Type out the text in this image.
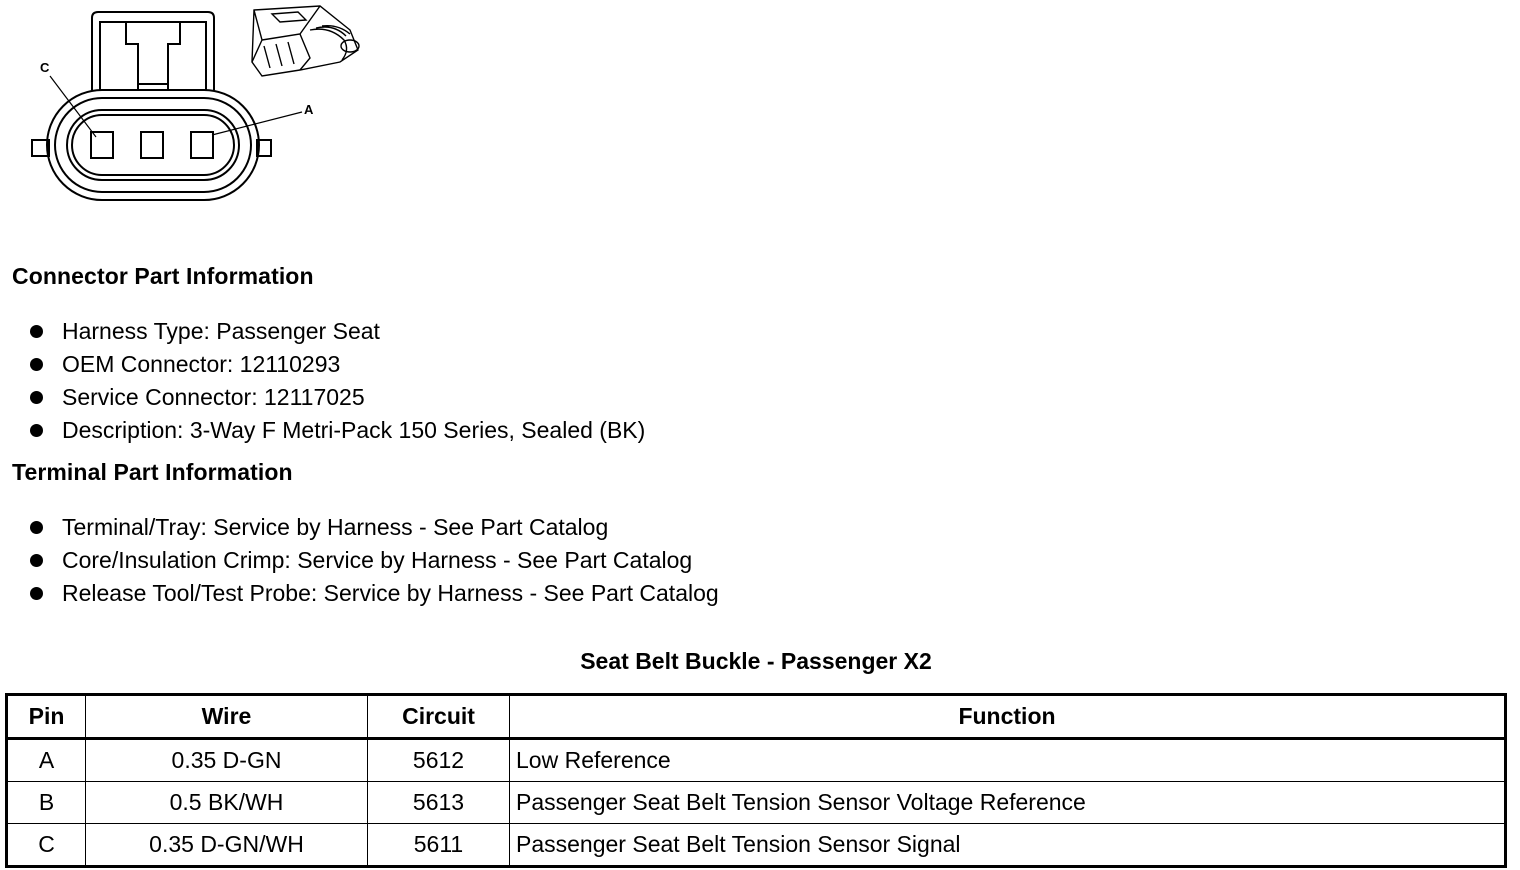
C
A
Connector Part Information
Harness Type: Passenger Seat
OEM Connector: 12110293
Service Connector: 12117025
Description: 3-Way F Metri-Pack 150 Series, Sealed (BK)
Terminal Part Information
Terminal/Tray: Service by Harness - See Part Catalog
Core/Insulation Crimp: Service by Harness - See Part Catalog
Release Tool/Test Probe: Service by Harness - See Part Catalog
Seat Belt Buckle - Passenger X2
Pin	Wire	Circuit	Function
A	0.35 D-GN	5612	Low Reference
B	0.5 BK/WH	5613	Passenger Seat Belt Tension Sensor Voltage Reference
C	0.35 D-GN/WH	5611	Passenger Seat Belt Tension Sensor Signal
